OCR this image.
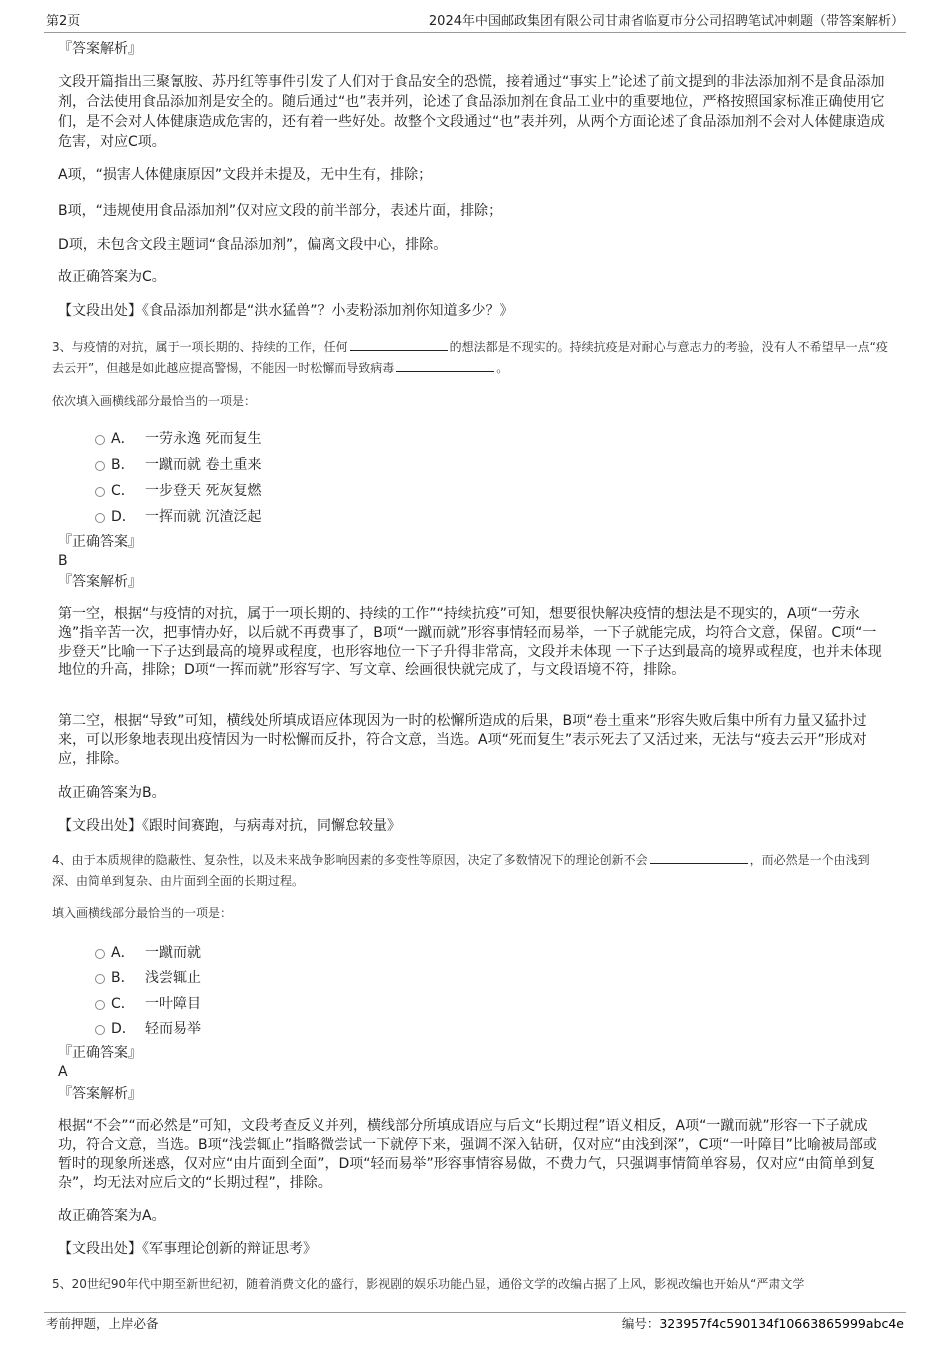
第2页	2024年中国邮政集团有限公司甘肃省临夏市分公司招聘笔试冲刺题（带答案解析）
『答案解析』
文段开篇指出三聚氰胺、苏丹红等事件引发了人们对于食品安全的恐慌，接着通过“事实上”论述了前文提到的非法添加剂不是食品添加剂，合法使用食品添加剂是安全的。随后通过“也”表并列，论述了食品添加剂在食品工业中的重要地位，严格按照国家标准正确使用它们，是不会对人体健康造成危害的，还有着一些好处。故整个文段通过“也”表并列，从两个方面论述了食品添加剂不会对人体健康造成危害，对应C项。
A项，“损害人体健康原因”文段并未提及，无中生有，排除；
B项，“违规使用食品添加剂”仅对应文段的前半部分，表述片面，排除；
D项，未包含文段主题词“食品添加剂”，偏离文段中心，排除。
故正确答案为C。
【文段出处】《食品添加剂都是“洪水猛兽”？小麦粉添加剂你知道多少？》
3、与疫情的对抗，属于一项长期的、持续的工作，任何	的想法都是不现实的。持续抗疫是对耐心与意志力的考验，没有人不希望早一点“疫去云开”，但越是如此越应提高警惕，不能因一时松懈而导致病毒	。
依次填入画横线部分最恰当的一项是：
A． 一劳永逸 死而复生
B． 一蹴而就 卷土重来
C． 一步登天 死灰复燃
D． 一挥而就 沉渣泛起
『正确答案』
B
『答案解析』
第一空，根据“与疫情的对抗，属于一项长期的、持续的工作”“持续抗疫”可知，想要很快解决疫情的想法是不现实的，A项“一劳永逸”指辛苦一次，把事情办好，以后就不再费事了，B项“一蹴而就”形容事情轻而易举，一下子就能完成，均符合文意，保留。C项“一步登天”比喻一下子达到最高的境界或程度，也形容地位一下子升得非常高，文段并未体现 一下子达到最高的境界或程度，也并未体现地位的升高，排除；D项“一挥而就”形容写字、写文章、绘画很快就完成了，与文段语境不符，排除。
第二空，根据“导致”可知，横线处所填成语应体现因为一时的松懈所造成的后果，B项“卷土重来”形容失败后集中所有力量又猛扑过来，可以形象地表现出疫情因为一时松懈而反扑，符合文意，当选。A项“死而复生”表示死去了又活过来，无法与“疫去云开”形成对应，排除。
故正确答案为B。
【文段出处】《跟时间赛跑，与病毒对抗，同懈怠较量》
4、由于本质规律的隐蔽性、复杂性，以及未来战争影响因素的多变性等原因，决定了多数情况下的理论创新不会	，而必然是一个由浅到深、由简单到复杂、由片面到全面的长期过程。
填入画横线部分最恰当的一项是：
A． 一蹴而就
B． 浅尝辄止
C． 一叶障目
D． 轻而易举
『正确答案』
A
『答案解析』
根据“不会”“而必然是”可知，文段考查反义并列，横线部分所填成语应与后文“长期过程”语义相反，A项“一蹴而就”形容一下子就成功，符合文意，当选。B项“浅尝辄止”指略微尝试一下就停下来，强调不深入钻研，仅对应“由浅到深”，C项“一叶障目”比喻被局部或暂时的现象所迷惑，仅对应“由片面到全面”，D项“轻而易举”形容事情容易做，不费力气，只强调事情简单容易，仅对应“由简单到复杂”，均无法对应后文的“长期过程”，排除。
故正确答案为A。
【文段出处】《军事理论创新的辩证思考》
5、20世纪90年代中期至新世纪初，随着消费文化的盛行，影视剧的娱乐功能凸显，通俗文学的改编占据了上风，影视改编也开始从“严肃文学
考前押题，上岸必备	编号：323957f4c590134f10663865999abc4e
